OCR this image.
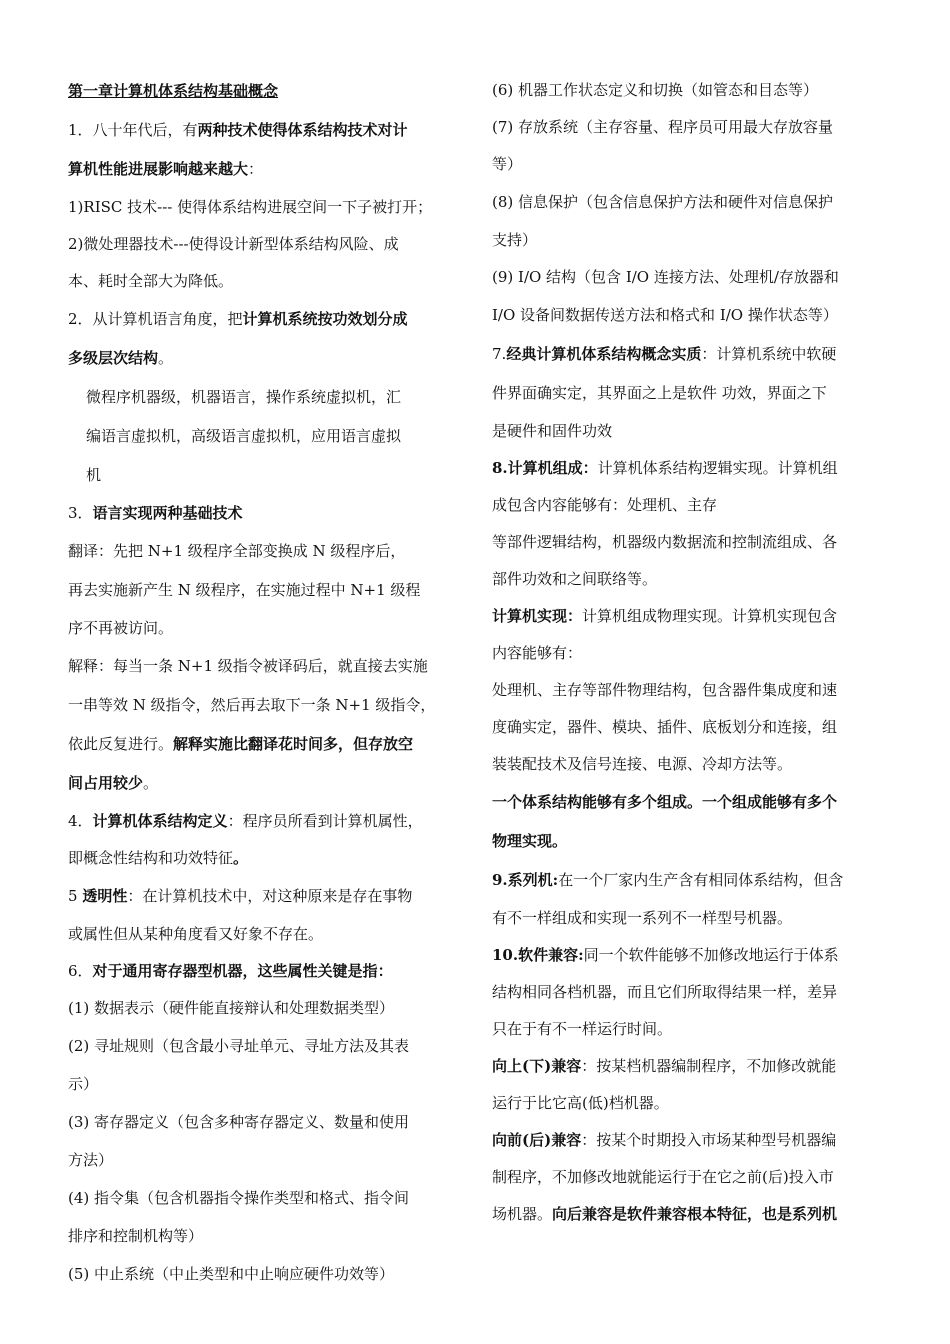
第一章计算机体系结构基础概念

1．八十年代后，有两种技术使得体系结构技术对计

算机性能进展影响越来越大：

1)RISC 技术--- 使得体系结构进展空间一下子被打开；

2)微处理器技术---使得设计新型体系结构风险、成

本、耗时全部大为降低。

2．从计算机语言角度，把计算机系统按功效划分成

多级层次结构。

微程序机器级，机器语言，操作系统虚拟机，汇

编语言虚拟机，高级语言虚拟机，应用语言虚拟

机

3．语言实现两种基础技术

翻译：先把 N+1 级程序全部变换成 N 级程序后，

再去实施新产生 N 级程序，在实施过程中 N+1 级程

序不再被访问。

解释：每当一条 N+1 级指令被译码后，就直接去实施

一串等效 N 级指令，然后再去取下一条 N+1 级指令，

依此反复进行。解释实施比翻译花时间多，但存放空

间占用较少。

4．计算机体系结构定义：程序员所看到计算机属性，

即概念性结构和功效特征。

5 透明性：在计算机技术中，对这种原来是存在事物

或属性但从某种角度看又好象不存在。

6．对于通用寄存器型机器，这些属性关键是指：

(1) 数据表示（硬件能直接辩认和处理数据类型）

(2) 寻址规则（包含最小寻址单元、寻址方法及其表

示）

(3) 寄存器定义（包含多种寄存器定义、数量和使用

方法）

(4) 指令集（包含机器指令操作类型和格式、指令间

排序和控制机构等）

(5) 中止系统（中止类型和中止响应硬件功效等）

(6) 机器工作状态定义和切换（如管态和目态等）

(7) 存放系统（主存容量、程序员可用最大存放容量

等）

(8) 信息保护（包含信息保护方法和硬件对信息保护

支持）

(9) I/O 结构（包含 I/O 连接方法、处理机/存放器和

I/O 设备间数据传送方法和格式和 I/O 操作状态等）

7.经典计算机体系结构概念实质：计算机系统中软硬

件界面确实定，其界面之上是软件 功效，界面之下

是硬件和固件功效

8.计算机组成：计算机体系结构逻辑实现。计算机组

成包含内容能够有：处理机、主存

等部件逻辑结构，机器级内数据流和控制流组成、各

部件功效和之间联络等。

计算机实现：计算机组成物理实现。计算机实现包含

内容能够有：

处理机、主存等部件物理结构，包含器件集成度和速

度确实定，器件、模块、插件、底板划分和连接，组

装装配技术及信号连接、电源、冷却方法等。

一个体系结构能够有多个组成。一个组成能够有多个

物理实现。

9.系列机:在一个厂家内生产含有相同体系结构，但含

有不一样组成和实现一系列不一样型号机器。

10.软件兼容:同一个软件能够不加修改地运行于体系

结构相同各档机器，而且它们所取得结果一样，差异

只在于有不一样运行时间。

向上(下)兼容：按某档机器编制程序，不加修改就能

运行于比它高(低)档机器。

向前(后)兼容：按某个时期投入市场某种型号机器编

制程序，不加修改地就能运行于在它之前(后)投入市

场机器。向后兼容是软件兼容根本特征，也是系列机
